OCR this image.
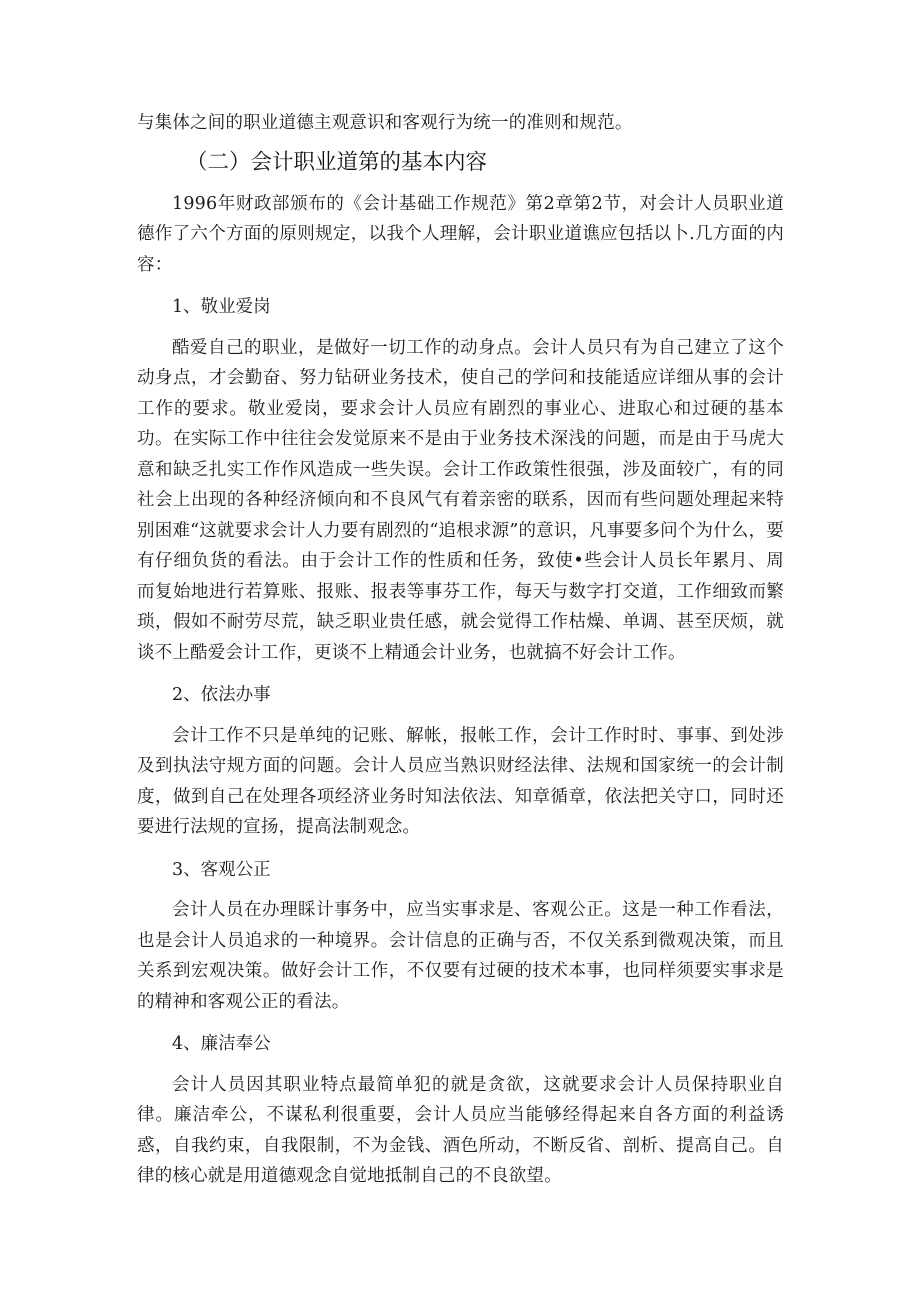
与集体之间的职业道德主观意识和客观行为统一的准则和规范。

（二）会计职业道第的基本内容

1996年财政部颁布的《会计基础工作规范》第2章第2节，对会计人员职业道德作了六个方面的原则规定，以我个人理解，会计职业道谯应包括以卜.几方面的内容：

1、敬业爱岗

酷爱自己的职业，是做好一切工作的动身点。会计人员只有为自己建立了这个动身点，才会勤奋、努力钻研业务技术，使自己的学问和技能适应详细从事的会计工作的要求。敬业爱岗，要求会计人员应有剧烈的事业心、进取心和过硬的基本功。在实际工作中往往会发觉原来不是由于业务技术深浅的问题，而是由于马虎大意和缺乏扎实工作作风造成一些失误。会计工作政策性很强，涉及面较广，有的同社会上出现的各种经济倾向和不良风气有着亲密的联系，因而有些问题处理起来特别困难“这就要求会计人力要有剧烈的“追根求源”的意识，凡事要多问个为什么，要有仔细负货的看法。由于会计工作的性质和任务，致使•些会计人员长年累月、周而复始地进行若算账、报账、报表等事芬工作，每天与数字打交道，工作细致而繁琐，假如不耐劳尽荒，缺乏职业贵任感，就会觉得工作枯燥、单调、甚至厌烦，就谈不上酷爱会计工作，更谈不上精通会计业务，也就搞不好会计工作。

2、依法办事

会计工作不只是单纯的记账、解帐，报帐工作，会计工作时时、事事、到处涉及到执法守规方面的问题。会计人员应当熟识财经法律、法规和国家统一的会计制度，做到自己在处理各项经济业务时知法依法、知章循章，依法把关守口，同时还要进行法规的宣扬，提高法制观念。

3、客观公正

会计人员在办理睬计事务中，应当实事求是、客观公正。这是一种工作看法，也是会计人员追求的一种境界。会计信息的正确与否，不仅关系到微观决策，而且关系到宏观决策。做好会计工作，不仅要有过硬的技术本事，也同样须要实事求是的精神和客观公正的看法。

4、廉洁奉公

会计人员因其职业特点最简单犯的就是贪欲，这就要求会计人员保持职业自律。廉洁牵公，不谋私利很重要，会计人员应当能够经得起来自各方面的利益诱惑，自我约束，自我限制，不为金钱、酒色所动，不断反省、剖析、提高自己。自律的核心就是用道德观念自觉地抵制自己的不良欲望。
